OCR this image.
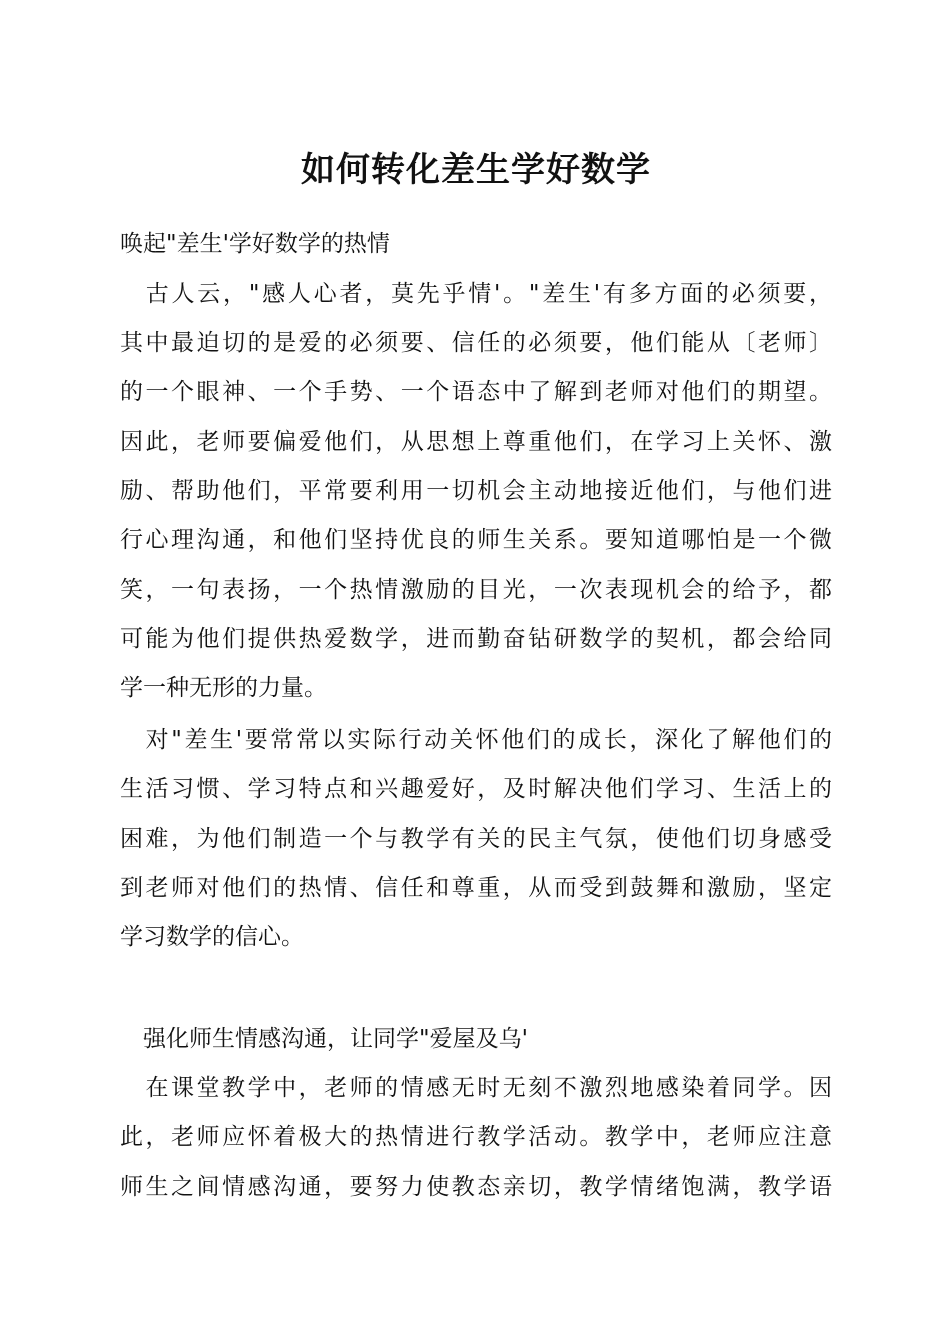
如何转化差生学好数学
唤起"差生'学好数学的热情
　古人云，"感人心者，莫先乎情'。"差生'有多方面的必须要，
其中最迫切的是爱的必须要、信任的必须要，他们能从〔老师〕
的一个眼神、一个手势、一个语态中了解到老师对他们的期望。
因此，老师要偏爱他们，从思想上尊重他们，在学习上关怀、激
励、帮助他们，平常要利用一切机会主动地接近他们，与他们进
行心理沟通，和他们坚持优良的师生关系。要知道哪怕是一个微
笑，一句表扬，一个热情激励的目光，一次表现机会的给予，都
可能为他们提供热爱数学，进而勤奋钻研数学的契机，都会给同
学一种无形的力量。
　对"差生'要常常以实际行动关怀他们的成长，深化了解他们的
生活习惯、学习特点和兴趣爱好，及时解决他们学习、生活上的
困难，为他们制造一个与教学有关的民主气氛，使他们切身感受
到老师对他们的热情、信任和尊重，从而受到鼓舞和激励，坚定
学习数学的信心。
　强化师生情感沟通，让同学"爱屋及乌'
　在课堂教学中，老师的情感无时无刻不激烈地感染着同学。因
此，老师应怀着极大的热情进行教学活动。教学中，老师应注意
师生之间情感沟通，要努力使教态亲切，教学情绪饱满，教学语
